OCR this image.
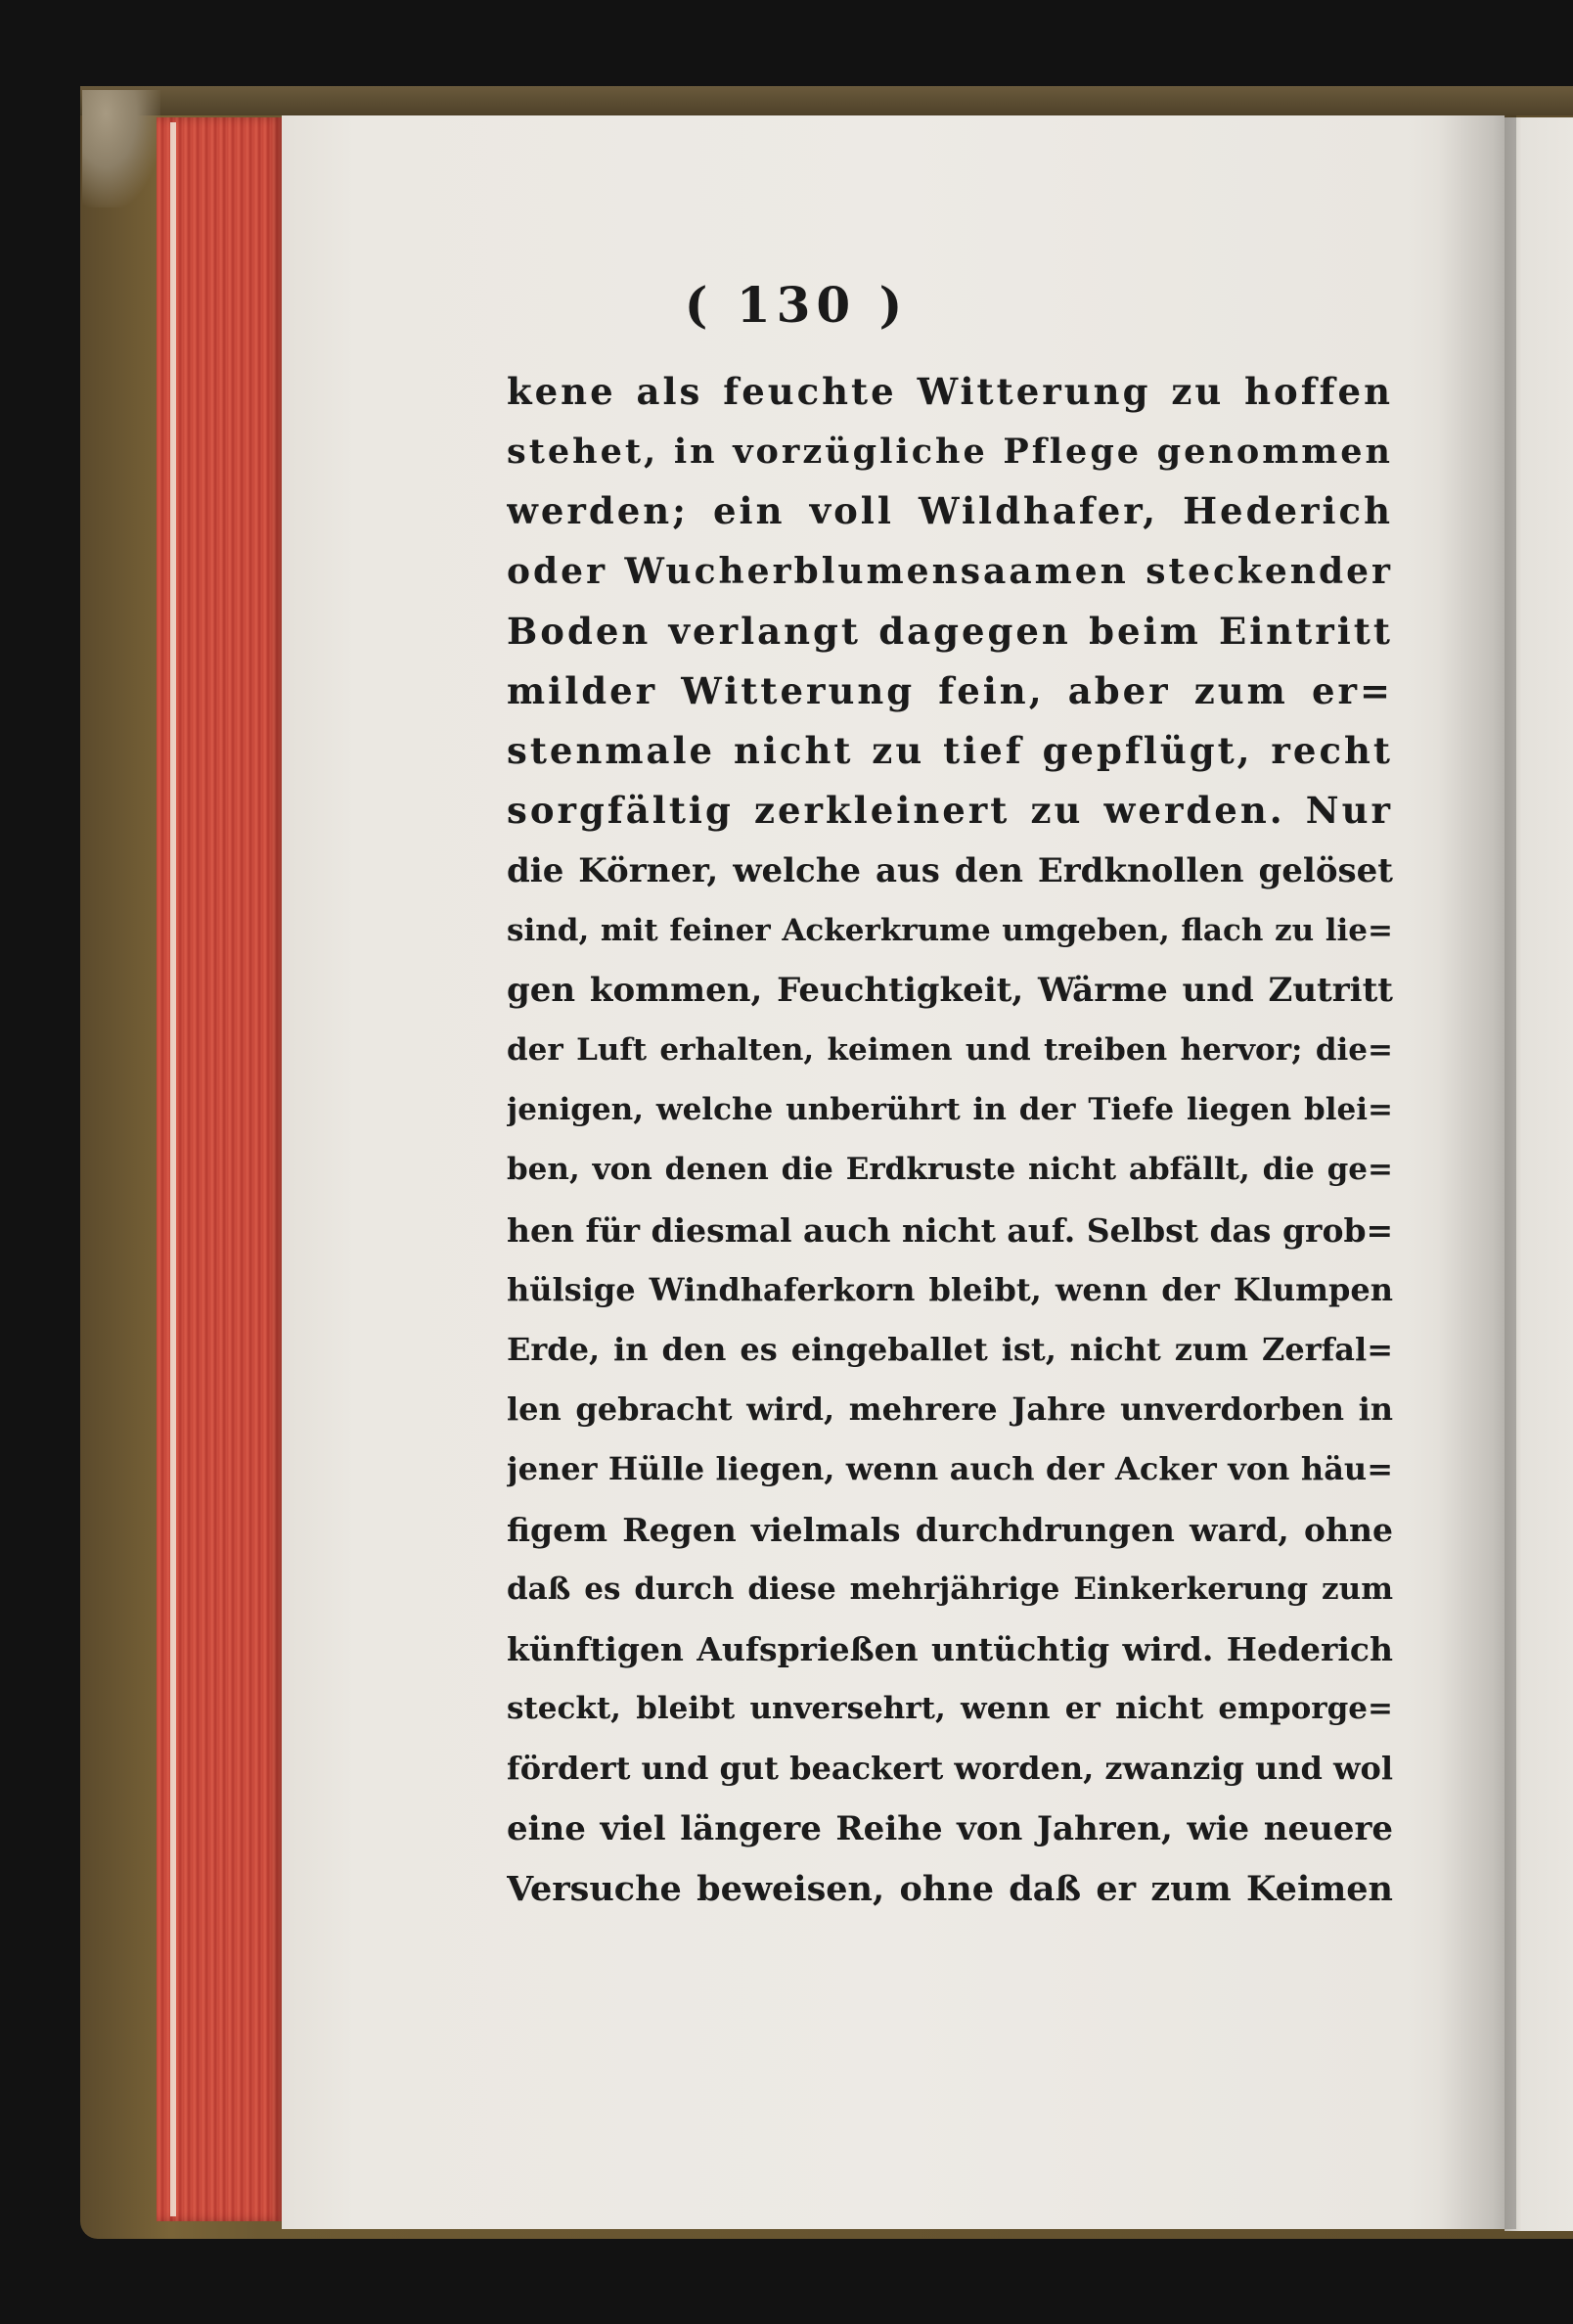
( 130 )
kene als feuchte Witterung zu hoffen
stehet, in vorzügliche Pflege genommen
werden; ein voll Wildhafer, Hederich
oder Wucherblumensaamen steckender
Boden verlangt dagegen beim Eintritt
milder Witterung fein, aber zum er=
stenmale nicht zu tief gepflügt, recht
sorgfältig zerkleinert zu werden. Nur
die Körner, welche aus den Erdknollen gelöset
sind, mit feiner Ackerkrume umgeben, flach zu lie=
gen kommen, Feuchtigkeit, Wärme und Zutritt
der Luft erhalten, keimen und treiben hervor; die=
jenigen, welche unberührt in der Tiefe liegen blei=
ben, von denen die Erdkruste nicht abfällt, die ge=
hen für diesmal auch nicht auf. Selbst das grob=
hülsige Windhaferkorn bleibt, wenn der Klumpen
Erde, in den es eingeballet ist, nicht zum Zerfal=
len gebracht wird, mehrere Jahre unverdorben in
jener Hülle liegen, wenn auch der Acker von häu=
figem Regen vielmals durchdrungen ward, ohne
daß es durch diese mehrjährige Einkerkerung zum
künftigen Aufsprießen untüchtig wird. Hederich
steckt, bleibt unversehrt, wenn er nicht emporge=
fördert und gut beackert worden, zwanzig und wol
eine viel längere Reihe von Jahren, wie neuere
Versuche beweisen, ohne daß er zum Keimen
